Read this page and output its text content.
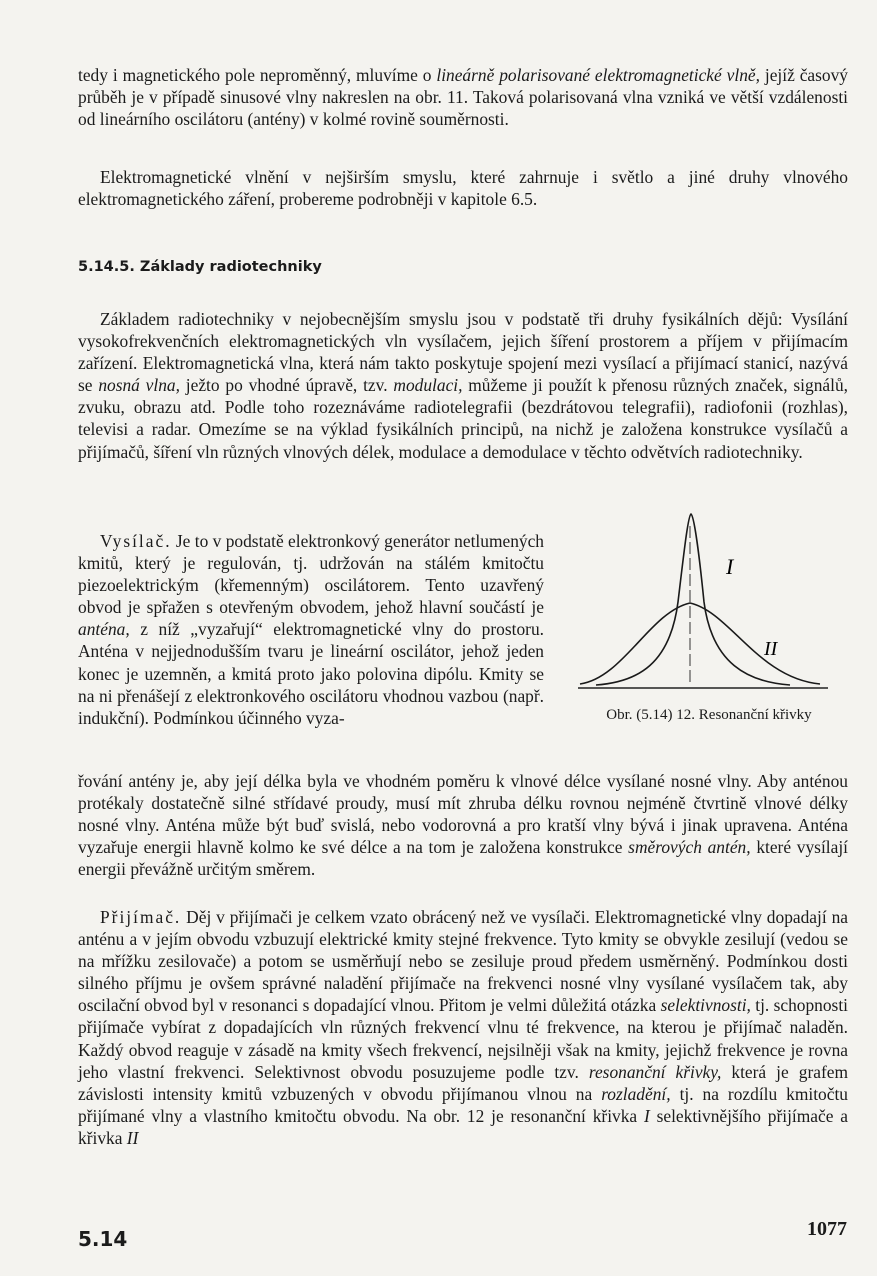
tedy i magnetického pole neproměnný, mluvíme o lineárně polarisované elektromagnetické vlně, jejíž časový průběh je v případě sinusové vlny nakreslen na obr. 11. Taková polarisovaná vlna vzniká ve větší vzdálenosti od lineárního oscilátoru (antény) v kolmé rovině souměrnosti.

Elektromagnetické vlnění v nejširším smyslu, které zahrnuje i světlo a jiné druhy vlnového elektromagnetického záření, probereme podrobněji v kapitole 6.5.

5.14.5. Základy radiotechniky

Základem radiotechniky v nejobecnějším smyslu jsou v podstatě tři druhy fysikálních dějů: Vysílání vysokofrekvenčních elektromagnetických vln vysílačem, jejich šíření prostorem a příjem v přijímacím zařízení. Elektromagnetická vlna, která nám takto poskytuje spojení mezi vysílací a přijímací stanicí, nazývá se nosná vlna, ježto po vhodné úpravě, tzv. modulaci, můžeme ji použít k přenosu různých značek, signálů, zvuku, obrazu atd. Podle toho rozeznáváme radiotelegrafii (bezdrátovou telegrafii), radiofonii (rozhlas), televisi a radar. Omezíme se na výklad fysikálních principů, na nichž je založena konstrukce vysílačů a přijímačů, šíření vln různých vlnových délek, modulace a demodulace v těchto odvětvích radiotechniky.

Vysílač. Je to v podstatě elektronkový generátor netlumených kmitů, který je regulován, tj. udržován na stálém kmitočtu piezoelektrickým (křemenným) oscilátorem. Tento uzavřený obvod je spřažen s otevřeným obvodem, jehož hlavní součástí je anténa, z níž „vyzařují“ elektromagnetické vlny do prostoru. Anténa v nejjednodušším tvaru je lineární oscilátor, jehož jeden konec je uzemněn, a kmitá proto jako polovina dipólu. Kmity se na ni přenášejí z elektronkového oscilátoru vhodnou vazbou (např. indukční). Podmínkou účinného vyza-

I
II
Obr. (5.14) 12. Resonanční křivky

řování antény je, aby její délka byla ve vhodném poměru k vlnové délce vysílané nosné vlny. Aby anténou protékaly dostatečně silné střídavé proudy, musí mít zhruba délku rovnou nejméně čtvrtině vlnové délky nosné vlny. Anténa může být buď svislá, nebo vodorovná a pro kratší vlny bývá i jinak upravena. Anténa vyzařuje energii hlavně kolmo ke své délce a na tom je založena konstrukce směrových antén, které vysílají energii převážně určitým směrem.

Přijímač. Děj v přijímači je celkem vzato obrácený než ve vysílači. Elektromagnetické vlny dopadají na anténu a v jejím obvodu vzbuzují elektrické kmity stejné frekvence. Tyto kmity se obvykle zesilují (vedou se na mřížku zesilovače) a potom se usměrňují nebo se zesiluje proud předem usměrněný. Podmínkou dosti silného příjmu je ovšem správné naladění přijímače na frekvenci nosné vlny vysílané vysílačem tak, aby oscilační obvod byl v resonanci s dopadající vlnou. Přitom je velmi důležitá otázka selektivnosti, tj. schopnosti přijímače vybírat z dopadajících vln různých frekvencí vlnu té frekvence, na kterou je přijímač naladěn. Každý obvod reaguje v zásadě na kmity všech frekvencí, nejsilněji však na kmity, jejichž frekvence je rovna jeho vlastní frekvenci. Selektivnost obvodu posuzujeme podle tzv. resonanční křivky, která je grafem závislosti intensity kmitů vzbuzených v obvodu přijímanou vlnou na rozladění, tj. na rozdílu kmitočtu přijímané vlny a vlastního kmitočtu obvodu. Na obr. 12 je resonanční křivka I selektivnějšího přijímače a křivka II

5.14	1077
